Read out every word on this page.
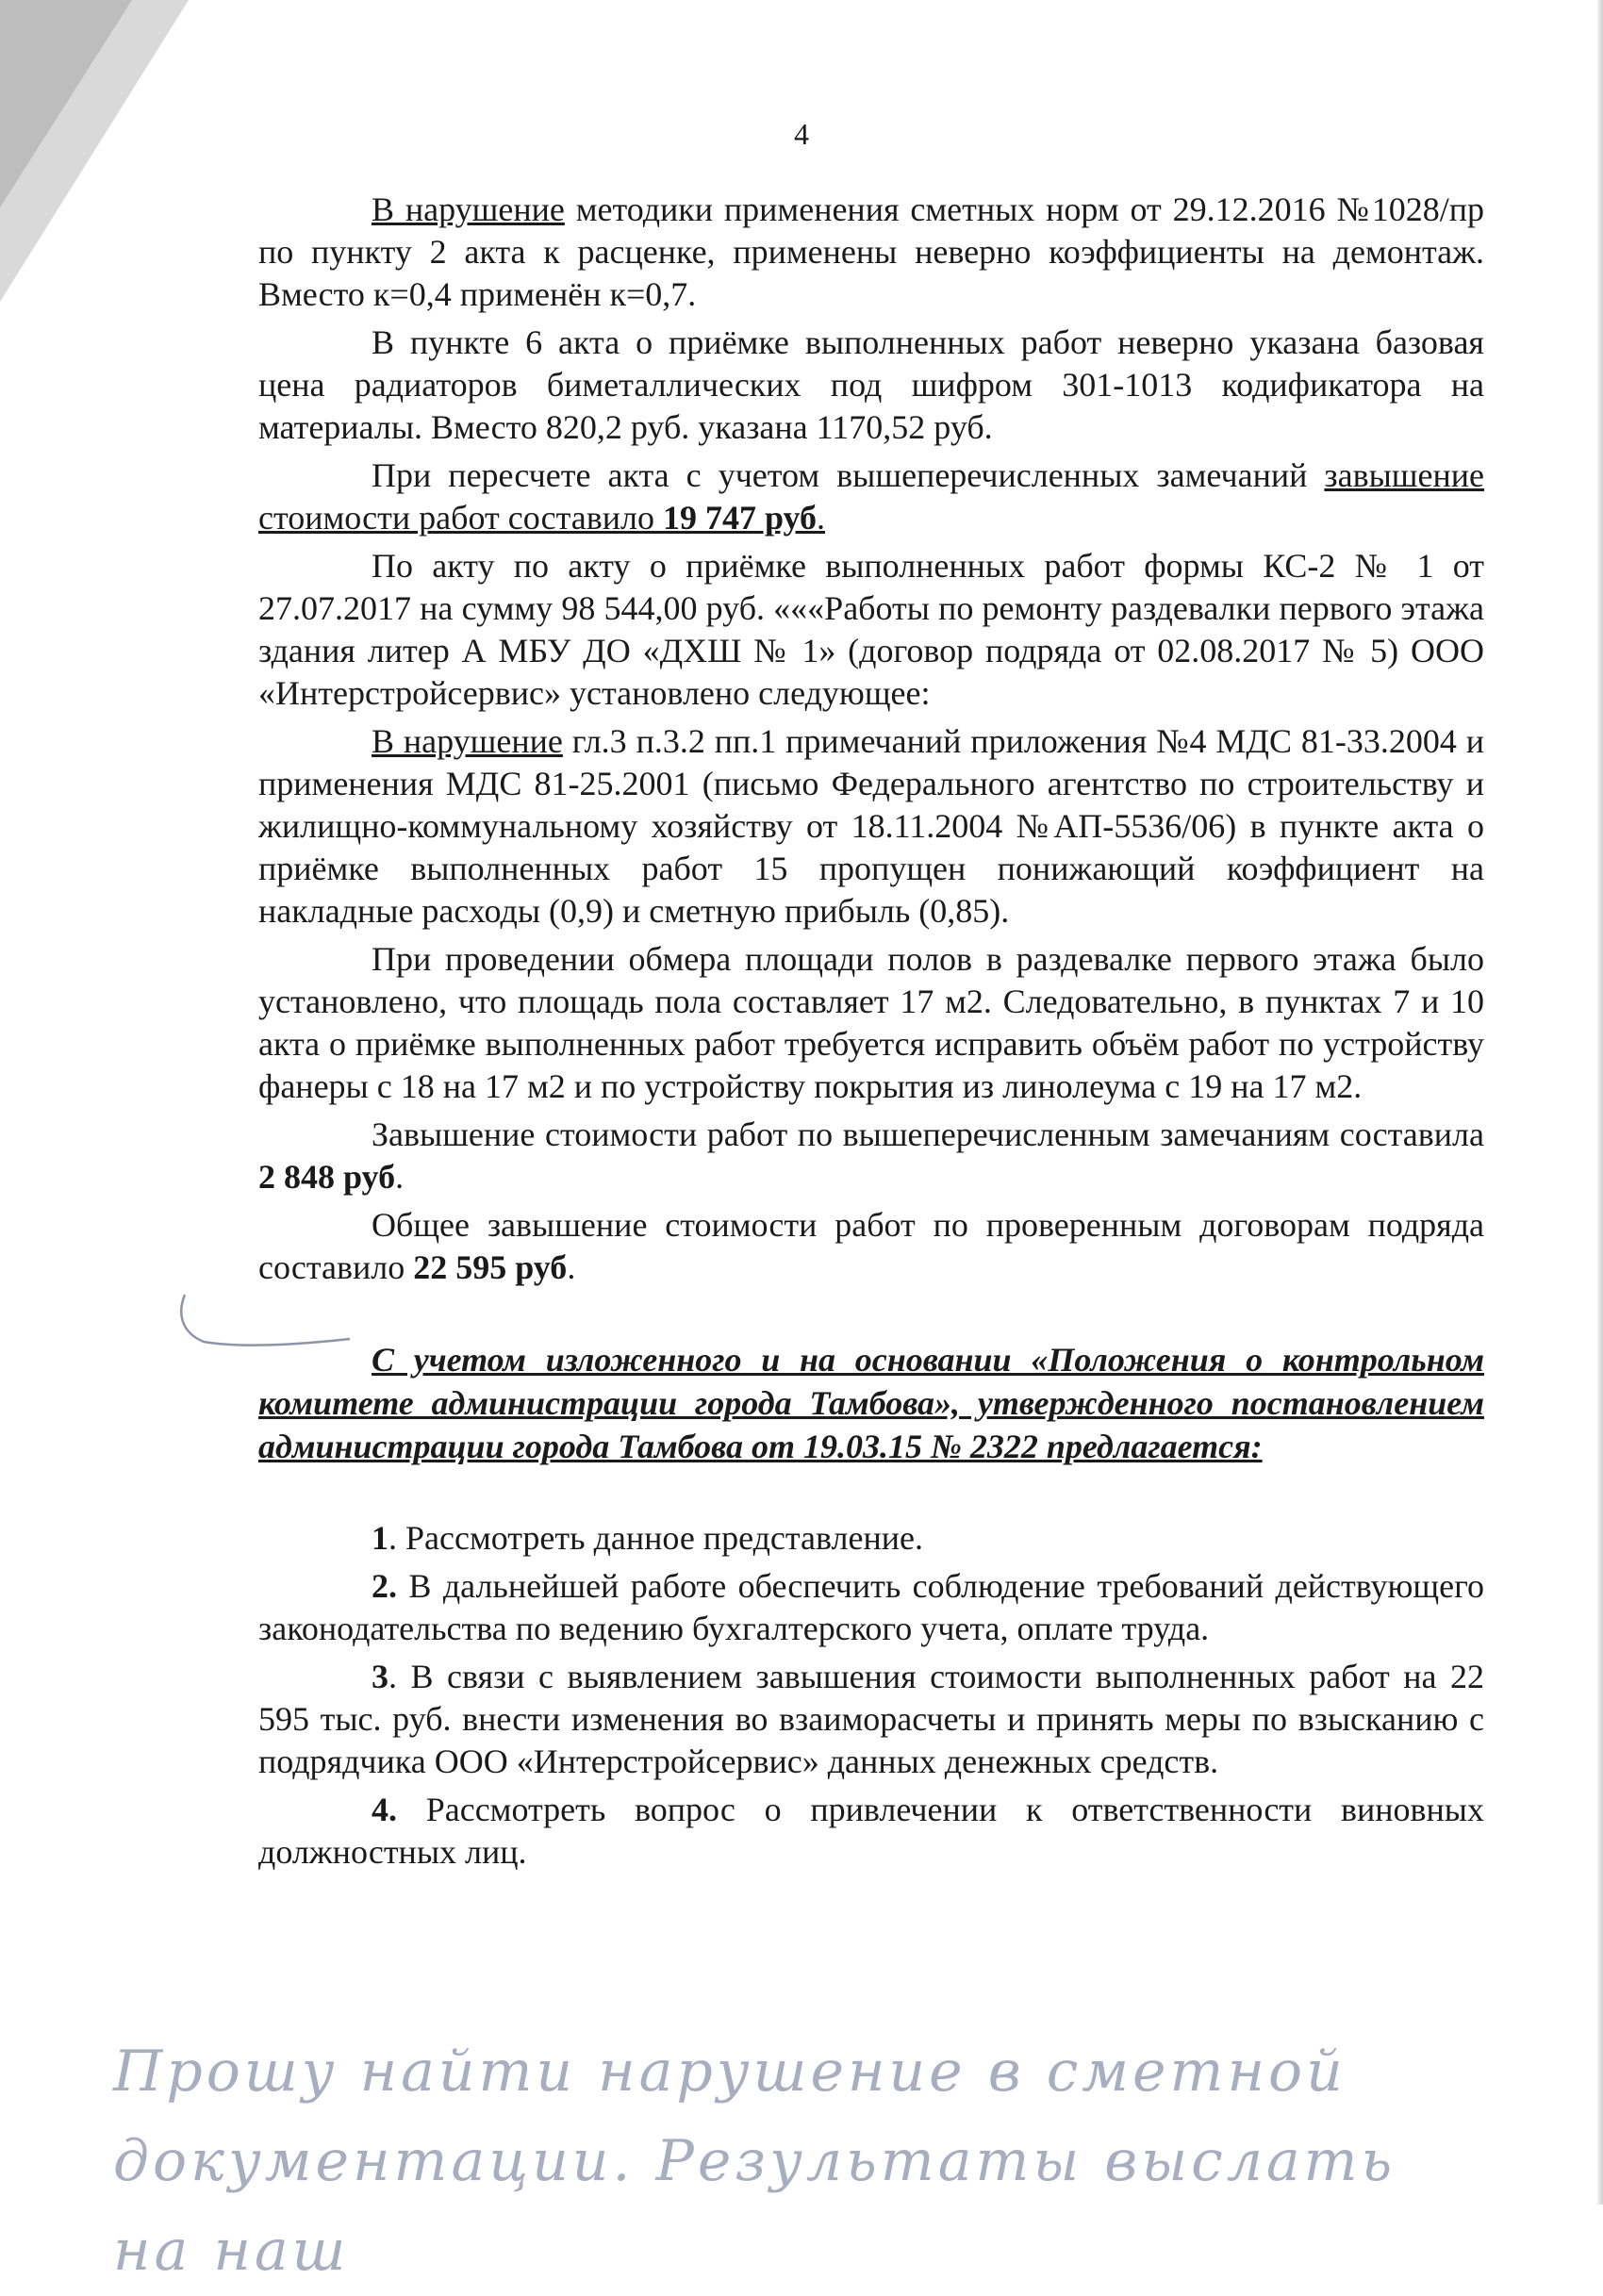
4

В нарушение методики применения сметных норм от 29.12.2016 №1028/пр по пункту 2 акта к расценке, применены неверно коэффициенты на демонтаж. Вместо к=0,4 применён к=0,7.

В пункте 6 акта о приёмке выполненных работ неверно указана базовая цена радиаторов биметаллических под шифром 301-1013 кодификатора на материалы. Вместо 820,2 руб. указана 1170,52 руб.

При пересчете акта с учетом вышеперечисленных замечаний завышение стоимости работ составило 19 747 руб.

По акту по акту о приёмке выполненных работ формы КС-2 № 1 от 27.07.2017 на сумму 98 544,00 руб. «««Работы по ремонту раздевалки первого этажа здания литер А МБУ ДО «ДХШ № 1» (договор подряда от 02.08.2017 № 5) ООО «Интерстройсервис» установлено следующее:

В нарушение гл.3 п.3.2 пп.1 примечаний приложения №4 МДС 81-33.2004 и применения МДС 81-25.2001 (письмо Федерального агентство по строительству и жилищно-коммунальному хозяйству от 18.11.2004 №АП-5536/06) в пункте акта о приёмке выполненных работ 15 пропущен понижающий коэффициент на накладные расходы (0,9) и сметную прибыль (0,85).

При проведении обмера площади полов в раздевалке первого этажа было установлено, что площадь пола составляет 17 м2. Следовательно, в пунктах 7 и 10 акта о приёмке выполненных работ требуется исправить объём работ по устройству фанеры с 18 на 17 м2 и по устройству покрытия из линолеума с 19 на 17 м2.

Завышение стоимости работ по вышеперечисленным замечаниям составила 2 848 руб.

Общее завышение стоимости работ по проверенным договорам подряда составило 22 595 руб.

С учетом изложенного и на основании «Положения о контрольном комитете администрации города Тамбова», утвержденного постановлением администрации города Тамбова от 19.03.15 № 2322 предлагается:

1. Рассмотреть данное представление.

2. В дальнейшей работе обеспечить соблюдение требований действующего законодательства по ведению бухгалтерского учета, оплате труда.

3. В связи с выявлением завышения стоимости выполненных работ на 22 595 тыс. руб. внести изменения во взаиморасчеты и принять меры по взысканию с подрядчика ООО «Интерстройсервис» данных денежных средств.

4. Рассмотреть вопрос о привлечении к ответственности виновных должностных лиц.

Прошу найти нарушение в сметной документации. Результаты выслать на наш
